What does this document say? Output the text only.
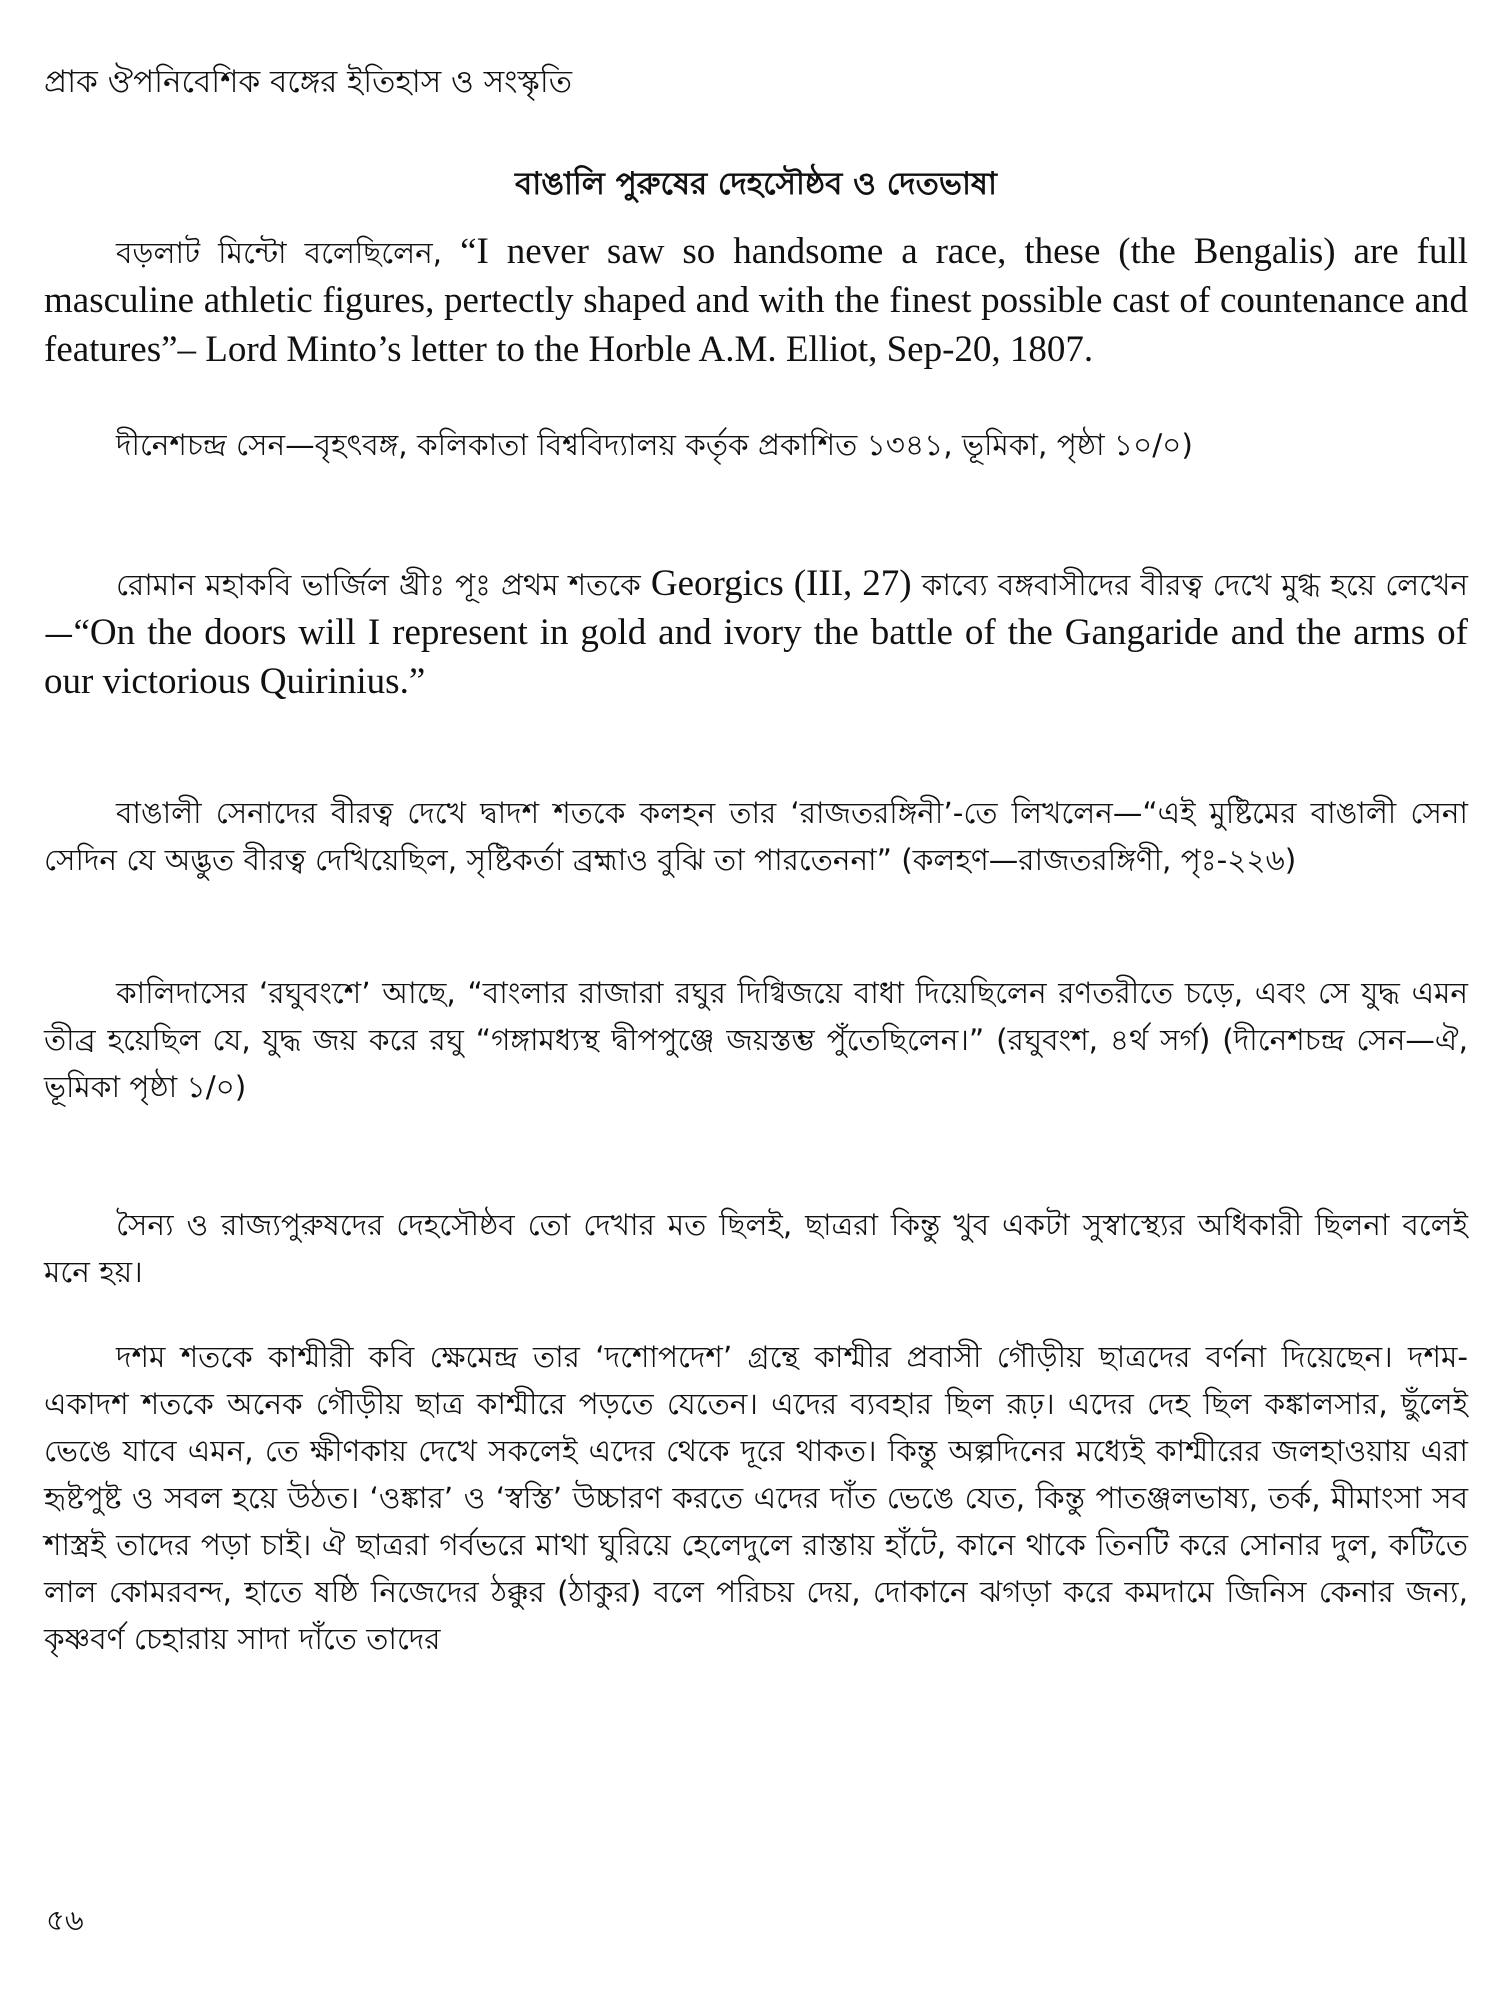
প্রাক ঔপনিবেশিক বঙ্গের ইতিহাস ও সংস্কৃতি
বাঙালি পুরুষের দেহসৌষ্ঠব ও দেতভাষা

বড়লাট মিন্টো বলেছিলেন, “I never saw so handsome a race, these (the Bengalis) are full masculine athletic figures, pertectly shaped and with the finest possible cast of countenance and features”– Lord Minto’s letter to the Horble A.M. Elliot, Sep-20, 1807.

দীনেশচন্দ্র সেন—বৃহৎবঙ্গ, কলিকাতা বিশ্ববিদ্যালয় কর্তৃক প্রকাশিত ১৩৪১, ভূমিকা, পৃষ্ঠা ১০/০)

রোমান মহাকবি ভার্জিল খ্রীঃ পূঃ প্রথম শতকে Georgics (III, 27) কাব্যে বঙ্গবাসীদের বীরত্ব দেখে মুগ্ধ হয়ে লেখেন—“On the doors will I represent in gold and ivory the battle of the Gangaride and the arms of our victorious Quirinius.”

বাঙালী সেনাদের বীরত্ব দেখে দ্বাদশ শতকে কলহন তার ‘রাজতরঙ্গিনী’-তে লিখলেন—“এই মুষ্টিমের বাঙালী সেনা সেদিন যে অদ্ভুত বীরত্ব দেখিয়েছিল, সৃষ্টিকর্তা ব্রহ্মাও বুঝি তা পারতেননা” (কলহণ—রাজতরঙ্গিণী, পৃঃ-২২৬)

কালিদাসের ‘রঘুবংশে’ আছে, “বাংলার রাজারা রঘুর দিগ্বিজয়ে বাধা দিয়েছিলেন রণতরীতে চড়ে, এবং সে যুদ্ধ এমন তীব্র হয়েছিল যে, যুদ্ধ জয় করে রঘু “গঙ্গামধ্যস্থ দ্বীপপুঞ্জে জয়স্তম্ভ পুঁতেছিলেন।” (রঘুবংশ, ৪র্থ সর্গ) (দীনেশচন্দ্র সেন—ঐ, ভূমিকা পৃষ্ঠা ১/০)

সৈন্য ও রাজ্যপুরুষদের দেহসৌষ্ঠব তো দেখার মত ছিলই, ছাত্ররা কিন্তু খুব একটা সুস্বাস্থ্যের অধিকারী ছিলনা বলেই মনে হয়।

দশম শতকে কাশ্মীরী কবি ক্ষেমেন্দ্র তার ‘দশোপদেশ’ গ্রন্থে কাশ্মীর প্রবাসী গৌড়ীয় ছাত্রদের বর্ণনা দিয়েছেন। দশম-একাদশ শতকে অনেক গৌড়ীয় ছাত্র কাশ্মীরে পড়তে যেতেন। এদের ব্যবহার ছিল রূঢ়। এদের দেহ ছিল কঙ্কালসার, ছুঁলেই ভেঙে যাবে এমন, তে ক্ষীণকায় দেখে সকলেই এদের থেকে দূরে থাকত। কিন্তু অল্পদিনের মধ্যেই কাশ্মীরের জলহাওয়ায় এরা হৃষ্টপুষ্ট ও সবল হয়ে উঠত। ‘ওঙ্কার’ ও ‘স্বস্তি’ উচ্চারণ করতে এদের দাঁত ভেঙে যেত, কিন্তু পাতঞ্জলভাষ্য, তর্ক, মীমাংসা সব শাস্ত্রই তাদের পড়া চাই। ঐ ছাত্ররা গর্বভরে মাথা ঘুরিয়ে হেলেদুলে রাস্তায় হাঁটে, কানে থাকে তিনটি করে সোনার দুল, কটিতে লাল কোমরবন্দ, হাতে ষষ্ঠি নিজেদের ঠক্কুর (ঠাকুর) বলে পরিচয় দেয়, দোকানে ঝগড়া করে কমদামে জিনিস কেনার জন্য, কৃষ্ণবর্ণ চেহারায় সাদা দাঁতে তাদের

৫৬
